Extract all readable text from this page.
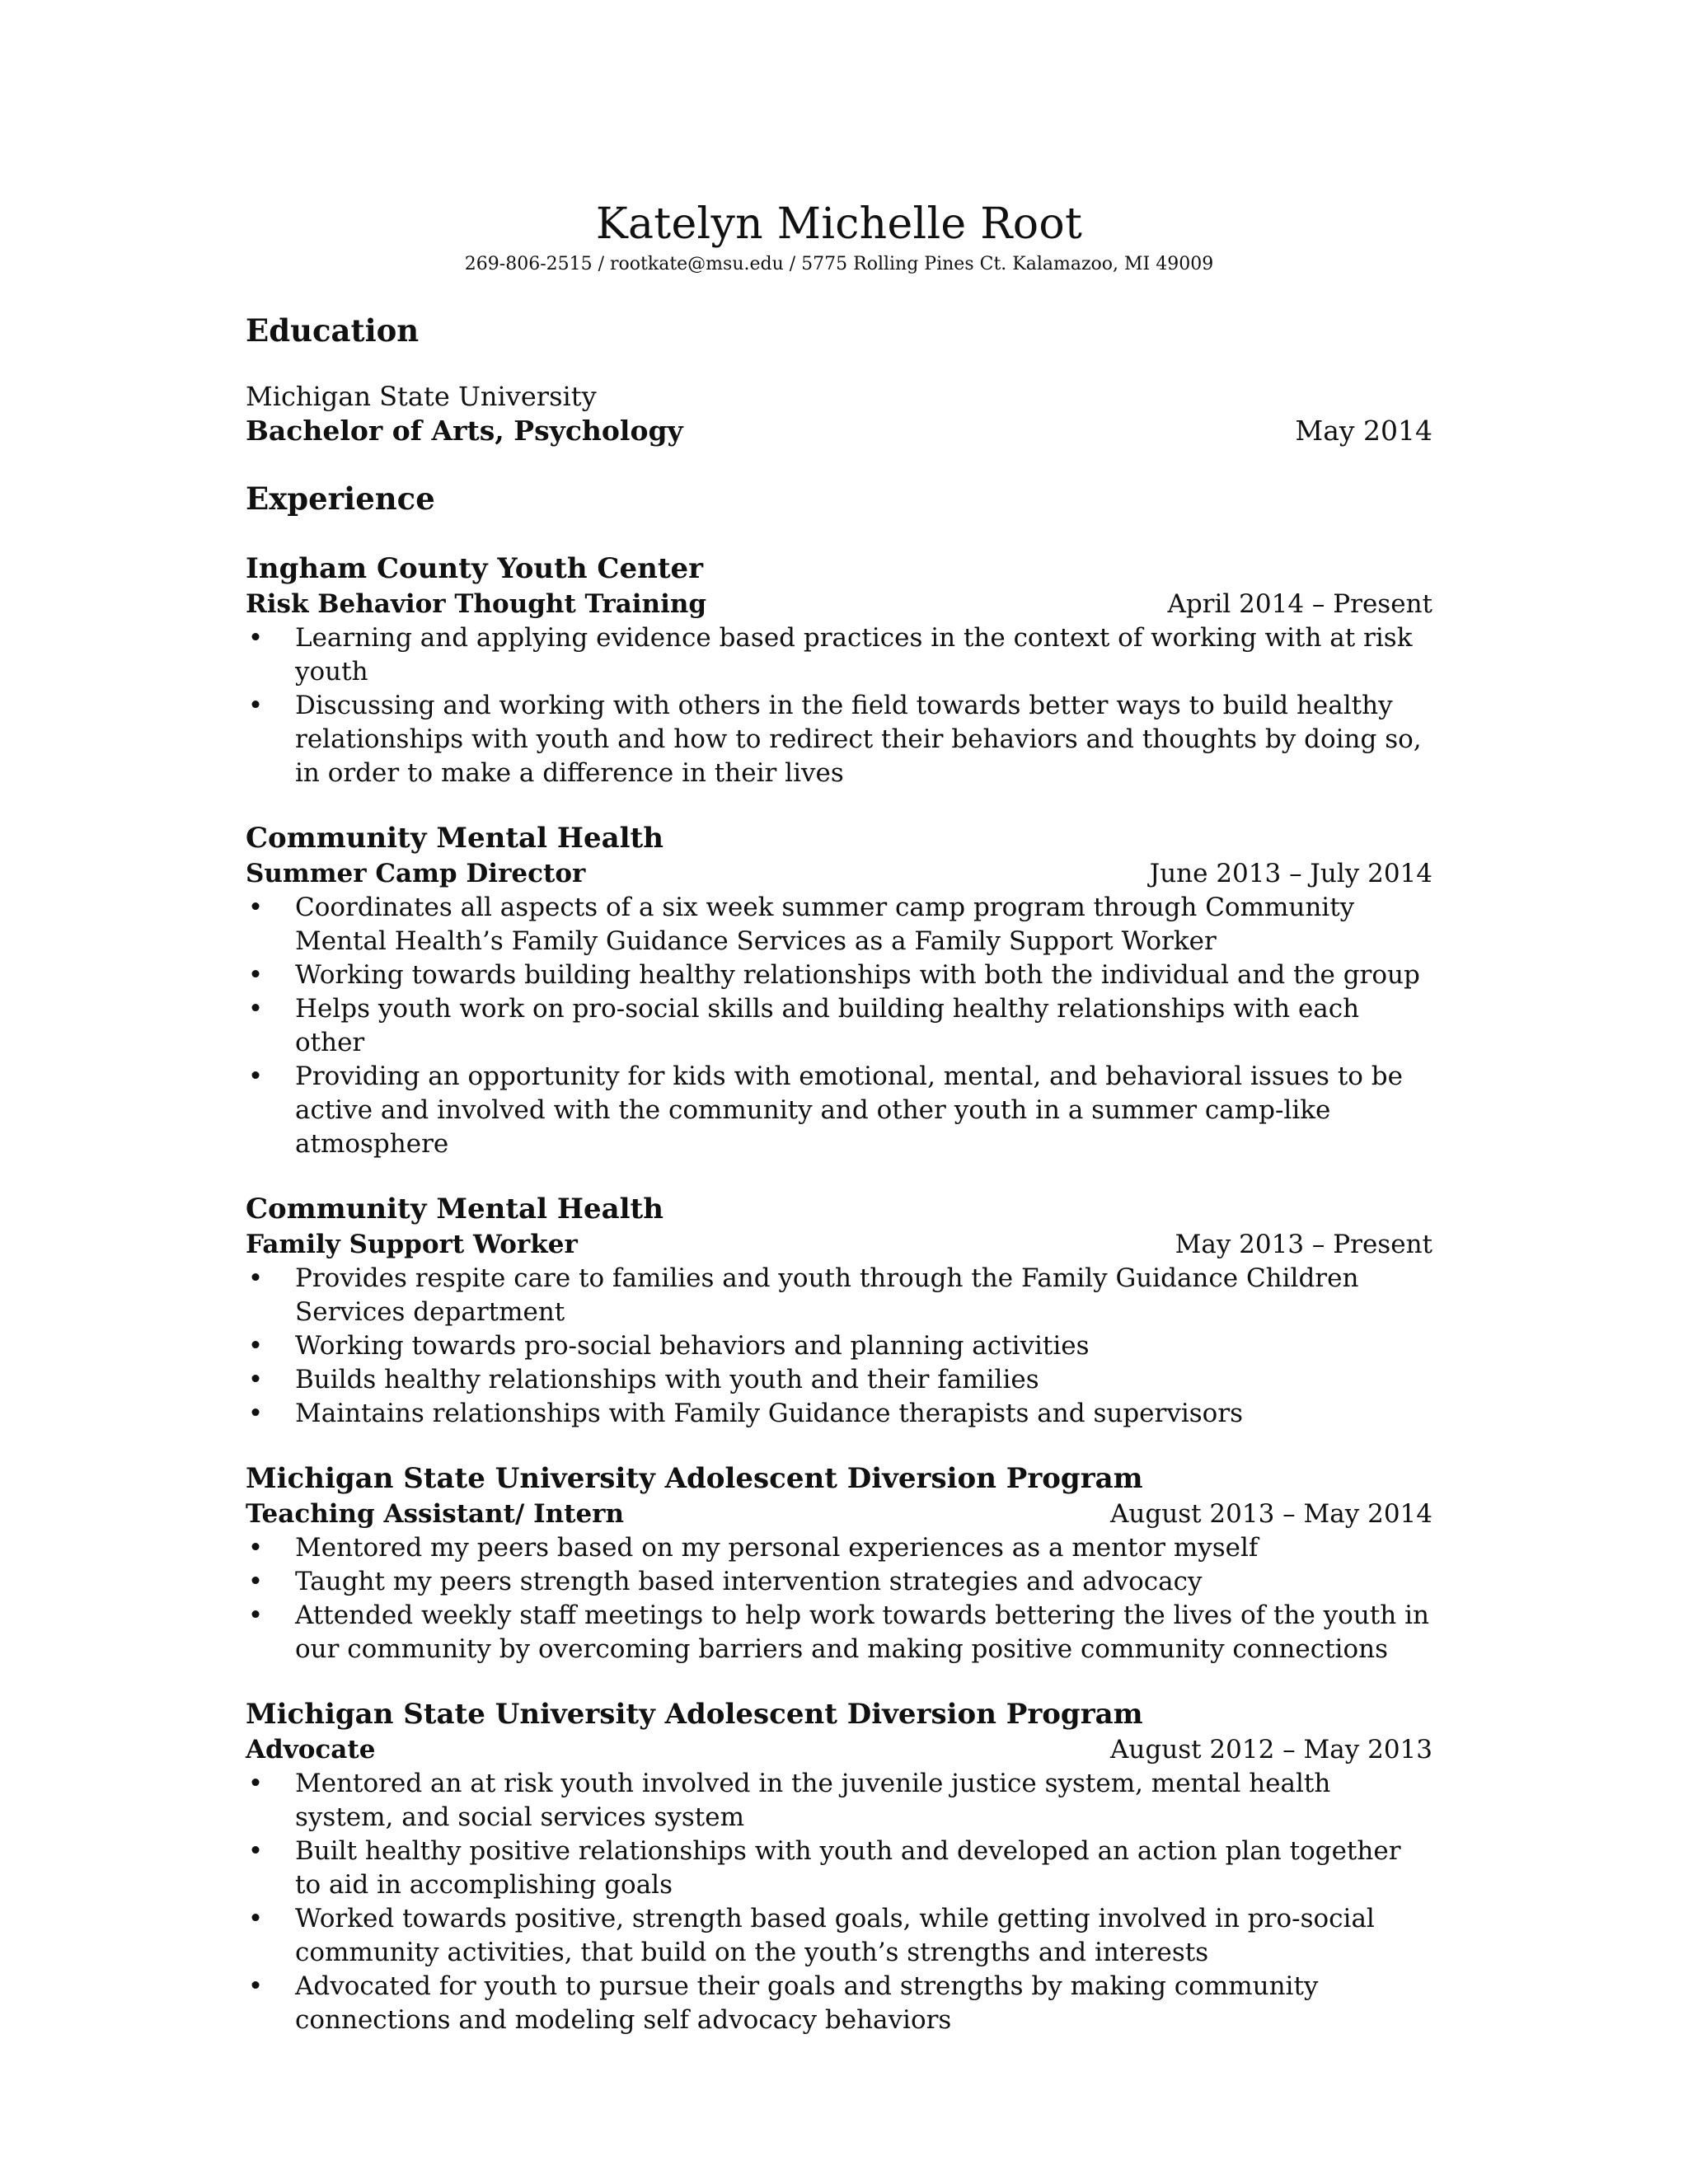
Katelyn Michelle Root
269-806-2515 / rootkate@msu.edu / 5775 Rolling Pines Ct. Kalamazoo, MI 49009
Education
Michigan State University
Bachelor of Arts, Psychology	May 2014
Experience
Ingham County Youth Center
Risk Behavior Thought Training	April 2014 – Present
• Learning and applying evidence based practices in the context of working with at risk youth
• Discussing and working with others in the field towards better ways to build healthy relationships with youth and how to redirect their behaviors and thoughts by doing so, in order to make a difference in their lives
Community Mental Health
Summer Camp Director	June 2013 – July 2014
• Coordinates all aspects of a six week summer camp program through Community Mental Health’s Family Guidance Services as a Family Support Worker
• Working towards building healthy relationships with both the individual and the group
• Helps youth work on pro-social skills and building healthy relationships with each other
• Providing an opportunity for kids with emotional, mental, and behavioral issues to be active and involved with the community and other youth in a summer camp-like atmosphere
Community Mental Health
Family Support Worker	May 2013 – Present
• Provides respite care to families and youth through the Family Guidance Children Services department
• Working towards pro-social behaviors and planning activities
• Builds healthy relationships with youth and their families
• Maintains relationships with Family Guidance therapists and supervisors
Michigan State University Adolescent Diversion Program
Teaching Assistant/ Intern	August 2013 – May 2014
• Mentored my peers based on my personal experiences as a mentor myself
• Taught my peers strength based intervention strategies and advocacy
• Attended weekly staff meetings to help work towards bettering the lives of the youth in our community by overcoming barriers and making positive community connections
Michigan State University Adolescent Diversion Program
Advocate	August 2012 – May 2013
• Mentored an at risk youth involved in the juvenile justice system, mental health system, and social services system
• Built healthy positive relationships with youth and developed an action plan together to aid in accomplishing goals
• Worked towards positive, strength based goals, while getting involved in pro-social community activities, that build on the youth’s strengths and interests
• Advocated for youth to pursue their goals and strengths by making community connections and modeling self advocacy behaviors
